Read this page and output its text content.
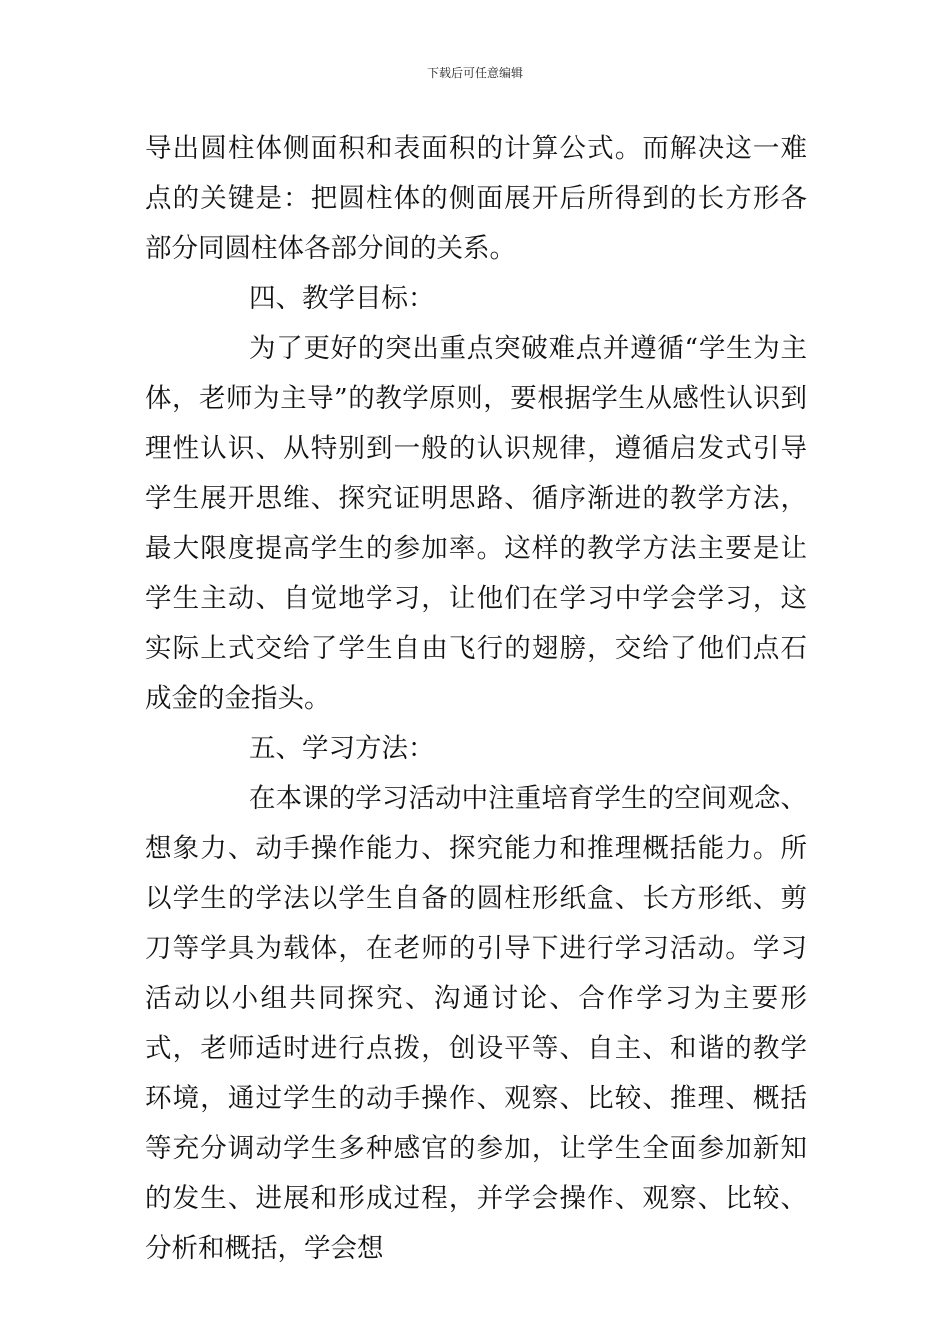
下载后可任意编辑

导出圆柱体侧面积和表面积的计算公式。而解决这一难点的关键是：把圆柱体的侧面展开后所得到的长方形各部分同圆柱体各部分间的关系。

四、教学目标：

为了更好的突出重点突破难点并遵循“学生为主体，老师为主导”的教学原则，要根据学生从感性认识到理性认识、从特别到一般的认识规律，遵循启发式引导学生展开思维、探究证明思路、循序渐进的教学方法，最大限度提高学生的参加率。这样的教学方法主要是让学生主动、自觉地学习，让他们在学习中学会学习，这实际上式交给了学生自由飞行的翅膀，交给了他们点石成金的金指头。

五、学习方法：

在本课的学习活动中注重培育学生的空间观念、想象力、动手操作能力、探究能力和推理概括能力。所以学生的学法以学生自备的圆柱形纸盒、长方形纸、剪刀等学具为载体，在老师的引导下进行学习活动。学习活动以小组共同探究、沟通讨论、合作学习为主要形式，老师适时进行点拨，创设平等、自主、和谐的教学环境，通过学生的动手操作、观察、比较、推理、概括等充分调动学生多种感官的参加，让学生全面参加新知的发生、进展和形成过程，并学会操作、观察、比较、分析和概括，学会想
